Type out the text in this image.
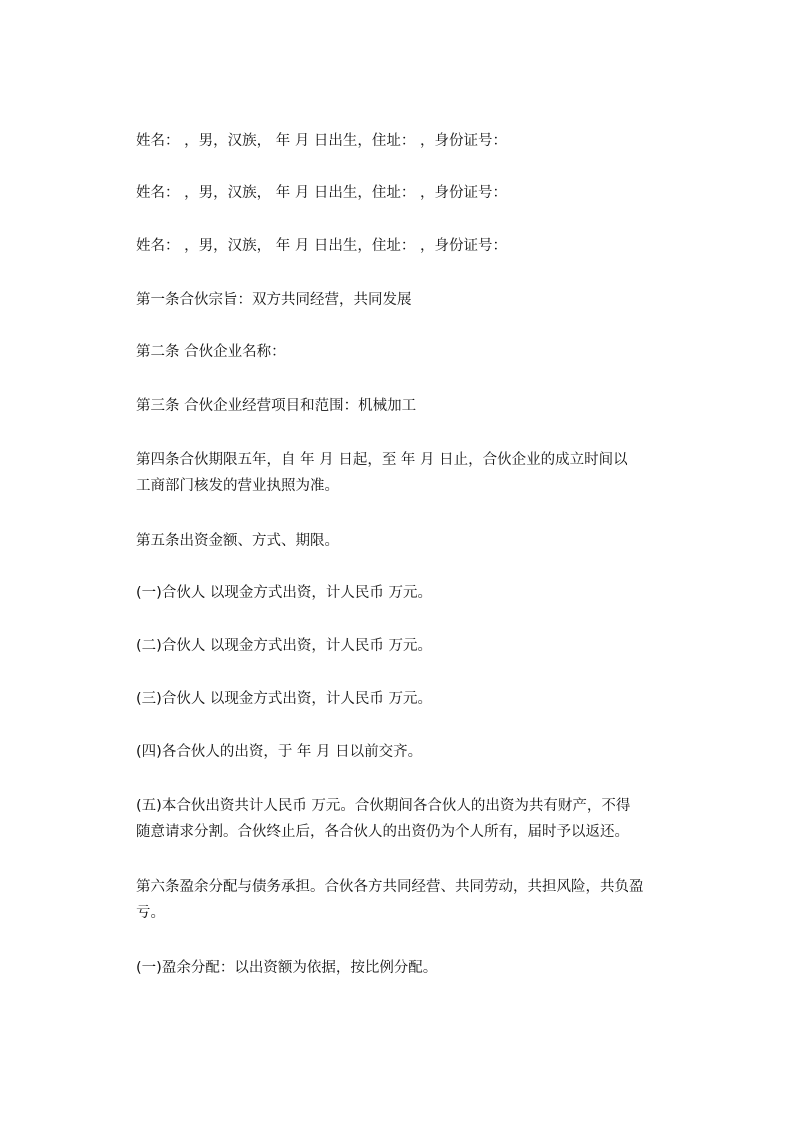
姓名： ，男，汉族， 年 月 日出生，住址： ，身份证号：

姓名： ，男，汉族， 年 月 日出生，住址： ，身份证号：

姓名： ，男，汉族， 年 月 日出生，住址： ，身份证号：

第一条合伙宗旨：双方共同经营，共同发展

第二条 合伙企业名称：

第三条 合伙企业经营项目和范围：机械加工

第四条合伙期限五年，自 年 月 日起，至 年 月 日止，合伙企业的成立时间以
工商部门核发的营业执照为准。

第五条出资金额、方式、期限。

(一)合伙人 以现金方式出资，计人民币 万元。

(二)合伙人 以现金方式出资，计人民币 万元。

(三)合伙人 以现金方式出资，计人民币 万元。

(四)各合伙人的出资，于 年 月 日以前交齐。

(五)本合伙出资共计人民币 万元。合伙期间各合伙人的出资为共有财产，不得
随意请求分割。合伙终止后，各合伙人的出资仍为个人所有，届时予以返还。
第六条盈余分配与债务承担。合伙各方共同经营、共同劳动，共担风险，共负盈
亏。

(一)盈余分配：以出资额为依据，按比例分配。
